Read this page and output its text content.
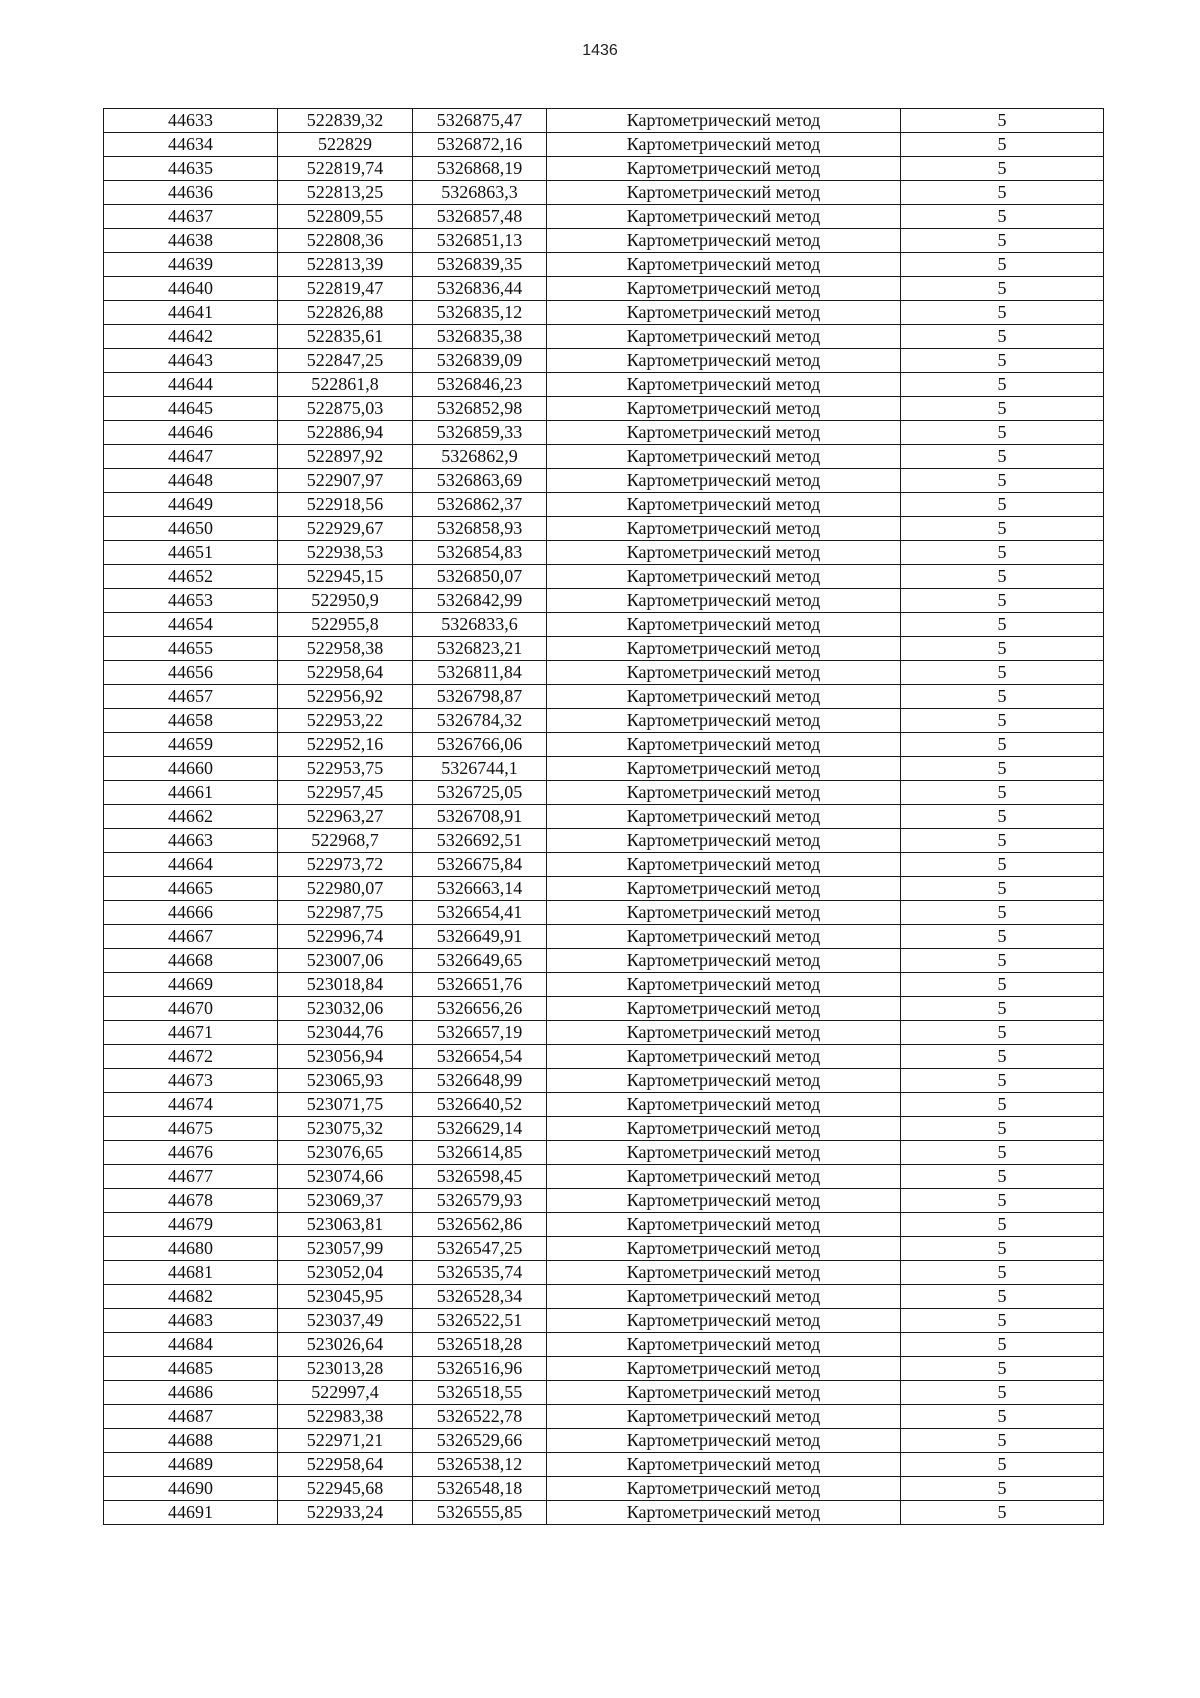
1436
44633	522839,32	5326875,47	Картометрический метод	5
44634	522829	5326872,16	Картометрический метод	5
44635	522819,74	5326868,19	Картометрический метод	5
44636	522813,25	5326863,3	Картометрический метод	5
44637	522809,55	5326857,48	Картометрический метод	5
44638	522808,36	5326851,13	Картометрический метод	5
44639	522813,39	5326839,35	Картометрический метод	5
44640	522819,47	5326836,44	Картометрический метод	5
44641	522826,88	5326835,12	Картометрический метод	5
44642	522835,61	5326835,38	Картометрический метод	5
44643	522847,25	5326839,09	Картометрический метод	5
44644	522861,8	5326846,23	Картометрический метод	5
44645	522875,03	5326852,98	Картометрический метод	5
44646	522886,94	5326859,33	Картометрический метод	5
44647	522897,92	5326862,9	Картометрический метод	5
44648	522907,97	5326863,69	Картометрический метод	5
44649	522918,56	5326862,37	Картометрический метод	5
44650	522929,67	5326858,93	Картометрический метод	5
44651	522938,53	5326854,83	Картометрический метод	5
44652	522945,15	5326850,07	Картометрический метод	5
44653	522950,9	5326842,99	Картометрический метод	5
44654	522955,8	5326833,6	Картометрический метод	5
44655	522958,38	5326823,21	Картометрический метод	5
44656	522958,64	5326811,84	Картометрический метод	5
44657	522956,92	5326798,87	Картометрический метод	5
44658	522953,22	5326784,32	Картометрический метод	5
44659	522952,16	5326766,06	Картометрический метод	5
44660	522953,75	5326744,1	Картометрический метод	5
44661	522957,45	5326725,05	Картометрический метод	5
44662	522963,27	5326708,91	Картометрический метод	5
44663	522968,7	5326692,51	Картометрический метод	5
44664	522973,72	5326675,84	Картометрический метод	5
44665	522980,07	5326663,14	Картометрический метод	5
44666	522987,75	5326654,41	Картометрический метод	5
44667	522996,74	5326649,91	Картометрический метод	5
44668	523007,06	5326649,65	Картометрический метод	5
44669	523018,84	5326651,76	Картометрический метод	5
44670	523032,06	5326656,26	Картометрический метод	5
44671	523044,76	5326657,19	Картометрический метод	5
44672	523056,94	5326654,54	Картометрический метод	5
44673	523065,93	5326648,99	Картометрический метод	5
44674	523071,75	5326640,52	Картометрический метод	5
44675	523075,32	5326629,14	Картометрический метод	5
44676	523076,65	5326614,85	Картометрический метод	5
44677	523074,66	5326598,45	Картометрический метод	5
44678	523069,37	5326579,93	Картометрический метод	5
44679	523063,81	5326562,86	Картометрический метод	5
44680	523057,99	5326547,25	Картометрический метод	5
44681	523052,04	5326535,74	Картометрический метод	5
44682	523045,95	5326528,34	Картометрический метод	5
44683	523037,49	5326522,51	Картометрический метод	5
44684	523026,64	5326518,28	Картометрический метод	5
44685	523013,28	5326516,96	Картометрический метод	5
44686	522997,4	5326518,55	Картометрический метод	5
44687	522983,38	5326522,78	Картометрический метод	5
44688	522971,21	5326529,66	Картометрический метод	5
44689	522958,64	5326538,12	Картометрический метод	5
44690	522945,68	5326548,18	Картометрический метод	5
44691	522933,24	5326555,85	Картометрический метод	5
